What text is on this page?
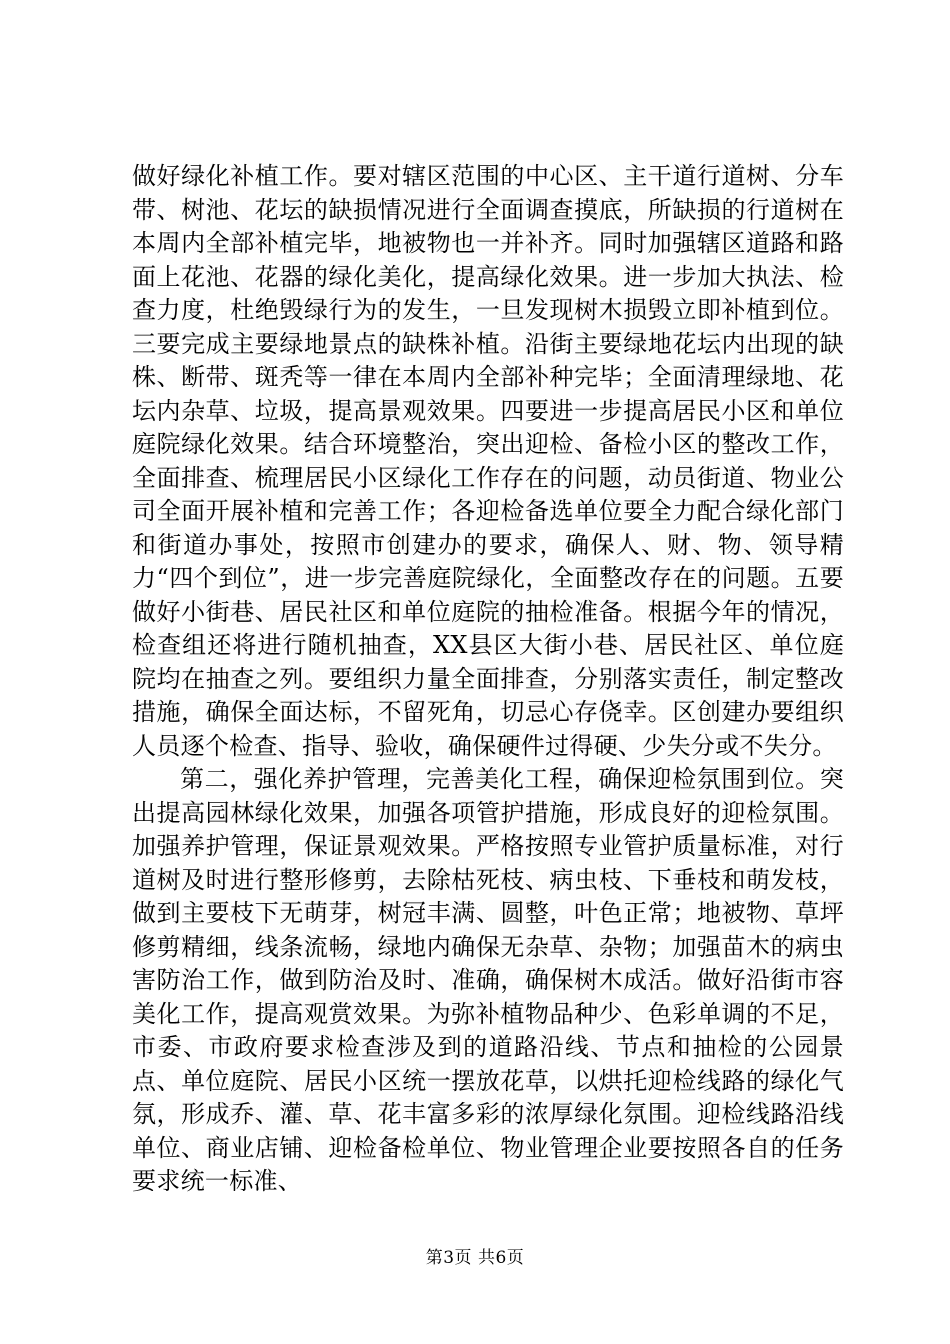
做好绿化补植工作。要对辖区范围的中心区、主干道行道树、分车带、树池、花坛的缺损情况进行全面调查摸底，所缺损的行道树在本周内全部补植完毕，地被物也一并补齐。同时加强辖区道路和路面上花池、花器的绿化美化，提高绿化效果。进一步加大执法、检查力度，杜绝毁绿行为的发生，一旦发现树木损毁立即补植到位。三要完成主要绿地景点的缺株补植。沿街主要绿地花坛内出现的缺株、断带、斑秃等一律在本周内全部补种完毕；全面清理绿地、花坛内杂草、垃圾，提高景观效果。四要进一步提高居民小区和单位庭院绿化效果。结合环境整治，突出迎检、备检小区的整改工作，全面排查、梳理居民小区绿化工作存在的问题，动员街道、物业公司全面开展补植和完善工作；各迎检备选单位要全力配合绿化部门和街道办事处，按照市创建办的要求，确保人、财、物、领导精力“四个到位”，进一步完善庭院绿化，全面整改存在的问题。五要做好小街巷、居民社区和单位庭院的抽检准备。根据今年的情况，检查组还将进行随机抽查，XX县区大街小巷、居民社区、单位庭院均在抽查之列。要组织力量全面排查，分别落实责任，制定整改措施，确保全面达标，不留死角，切忌心存侥幸。区创建办要组织人员逐个检查、指导、验收，确保硬件过得硬、少失分或不失分。

第二，强化养护管理，完善美化工程，确保迎检氛围到位。突出提高园林绿化效果，加强各项管护措施，形成良好的迎检氛围。加强养护管理，保证景观效果。严格按照专业管护质量标准，对行道树及时进行整形修剪，去除枯死枝、病虫枝、下垂枝和萌发枝，做到主要枝下无萌芽，树冠丰满、圆整，叶色正常；地被物、草坪修剪精细，线条流畅，绿地内确保无杂草、杂物；加强苗木的病虫害防治工作，做到防治及时、准确，确保树木成活。做好沿街市容美化工作，提高观赏效果。为弥补植物品种少、色彩单调的不足，市委、市政府要求检查涉及到的道路沿线、节点和抽检的公园景点、单位庭院、居民小区统一摆放花草，以烘托迎检线路的绿化气氛，形成乔、灌、草、花丰富多彩的浓厚绿化氛围。迎检线路沿线单位、商业店铺、迎检备检单位、物业管理企业要按照各自的任务要求统一标准、

第3页 共6页
